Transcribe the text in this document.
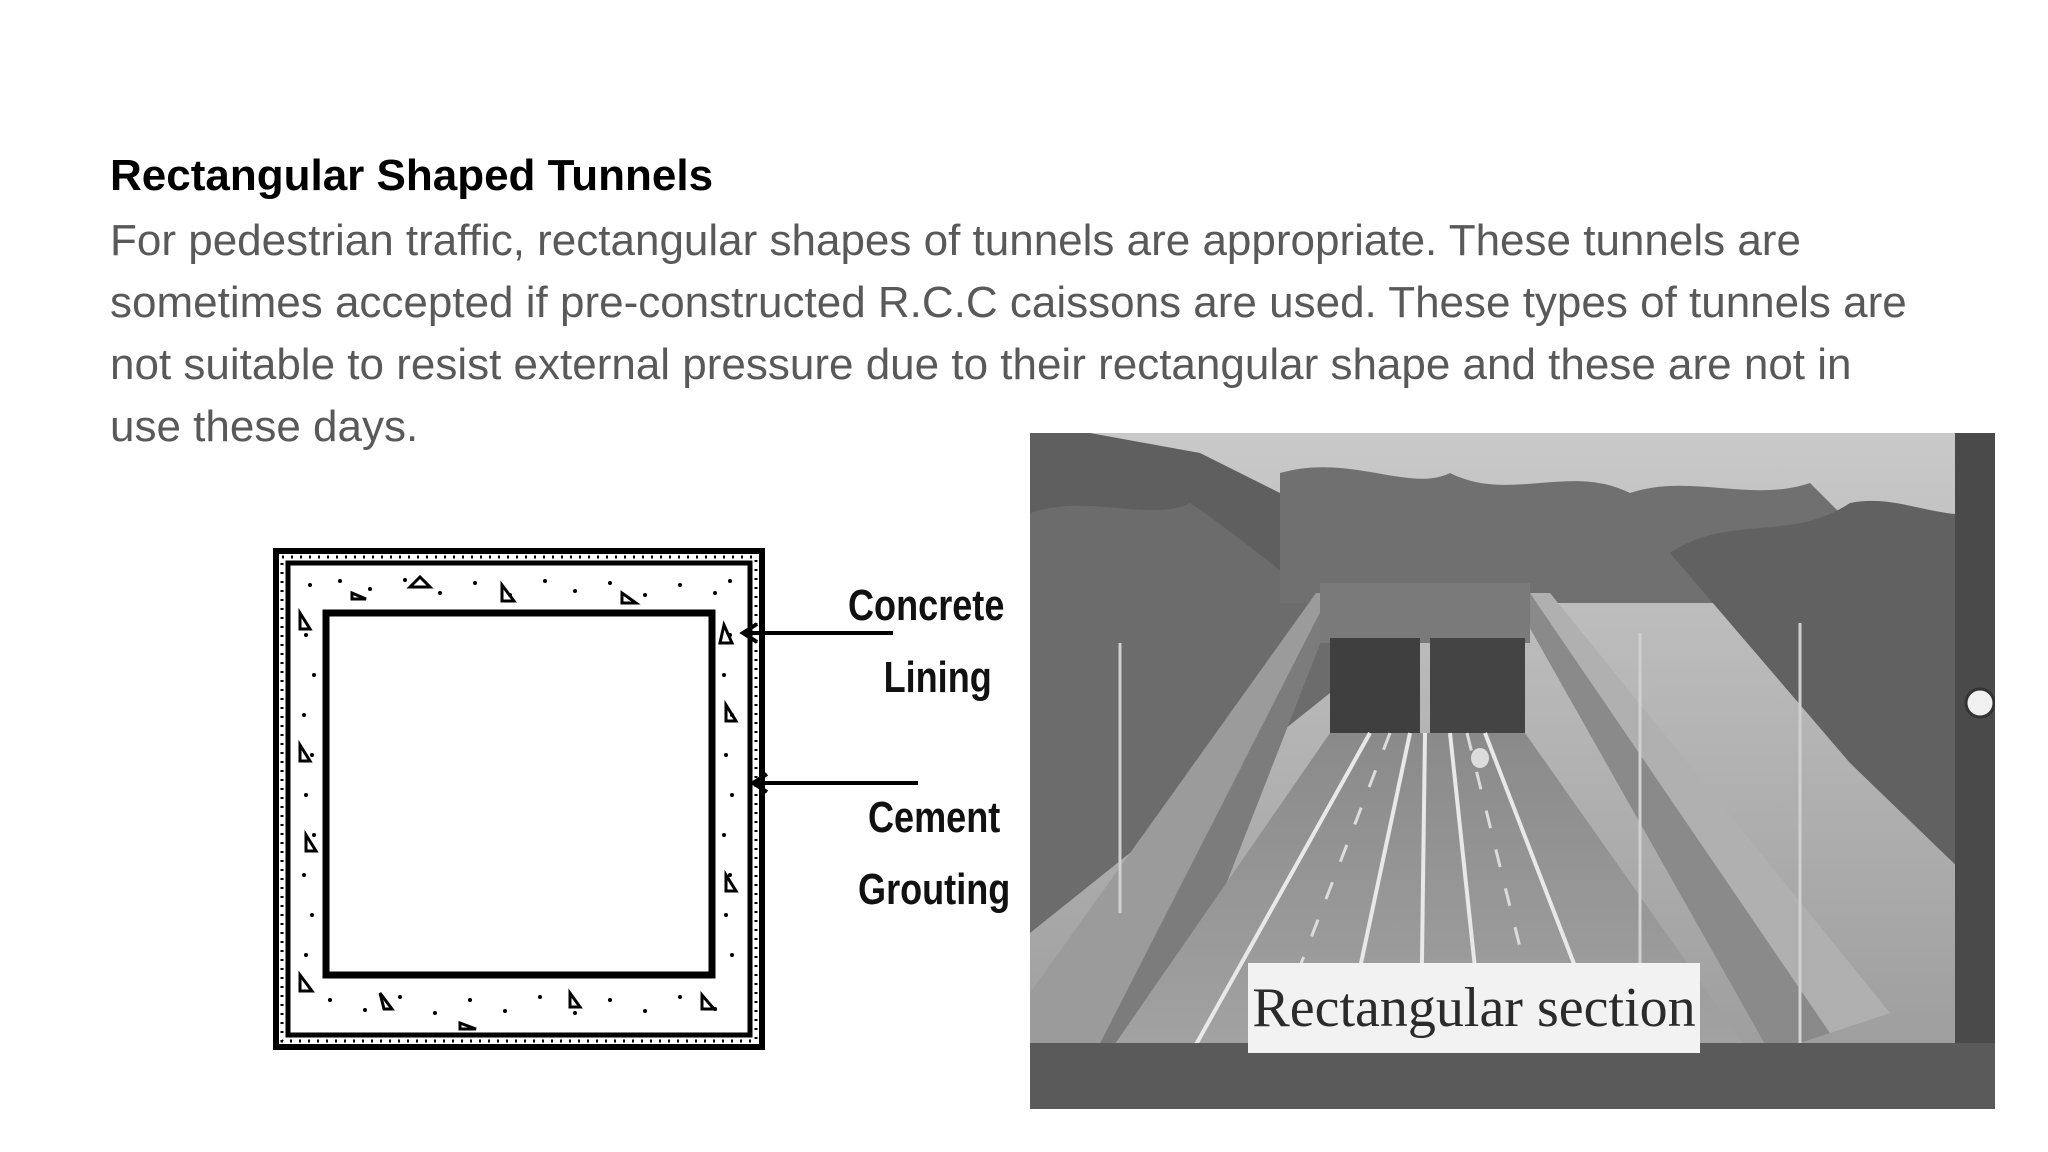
Rectangular Shaped Tunnels
For pedestrian traffic, rectangular shapes of tunnels are appropriate. These tunnels are
sometimes accepted if pre-constructed R.C.C caissons are used. These types of tunnels are
not suitable to resist external pressure due to their rectangular shape and these are not in
use these days.
Concrete
Lining
Cement
Grouting
Rectangular section
